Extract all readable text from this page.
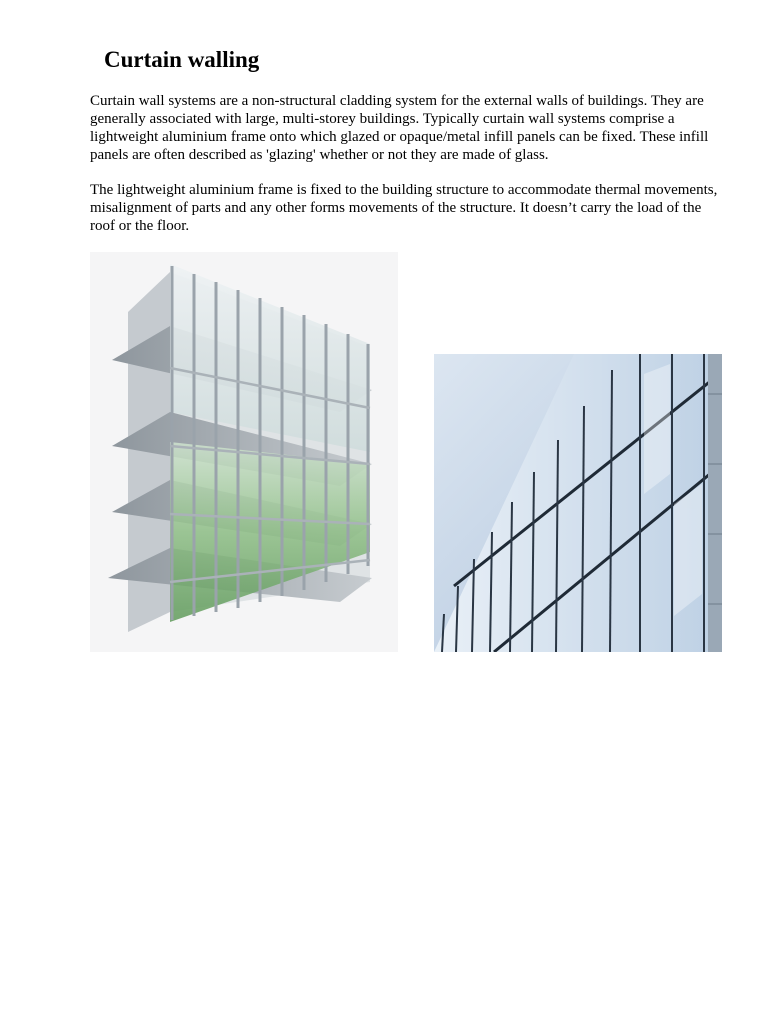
Curtain walling

Curtain wall systems are a non-structural cladding system for the external walls of buildings. They are generally associated with large, multi-storey buildings. Typically curtain wall systems comprise a lightweight aluminium frame onto which glazed or opaque/metal infill panels can be fixed. These infill panels are often described as 'glazing' whether or not they are made of glass.

The lightweight aluminium frame is fixed to the building structure to accommodate thermal movements, misalignment of parts and any other forms movements of the structure. It doesn’t carry the load of the roof or the floor.
